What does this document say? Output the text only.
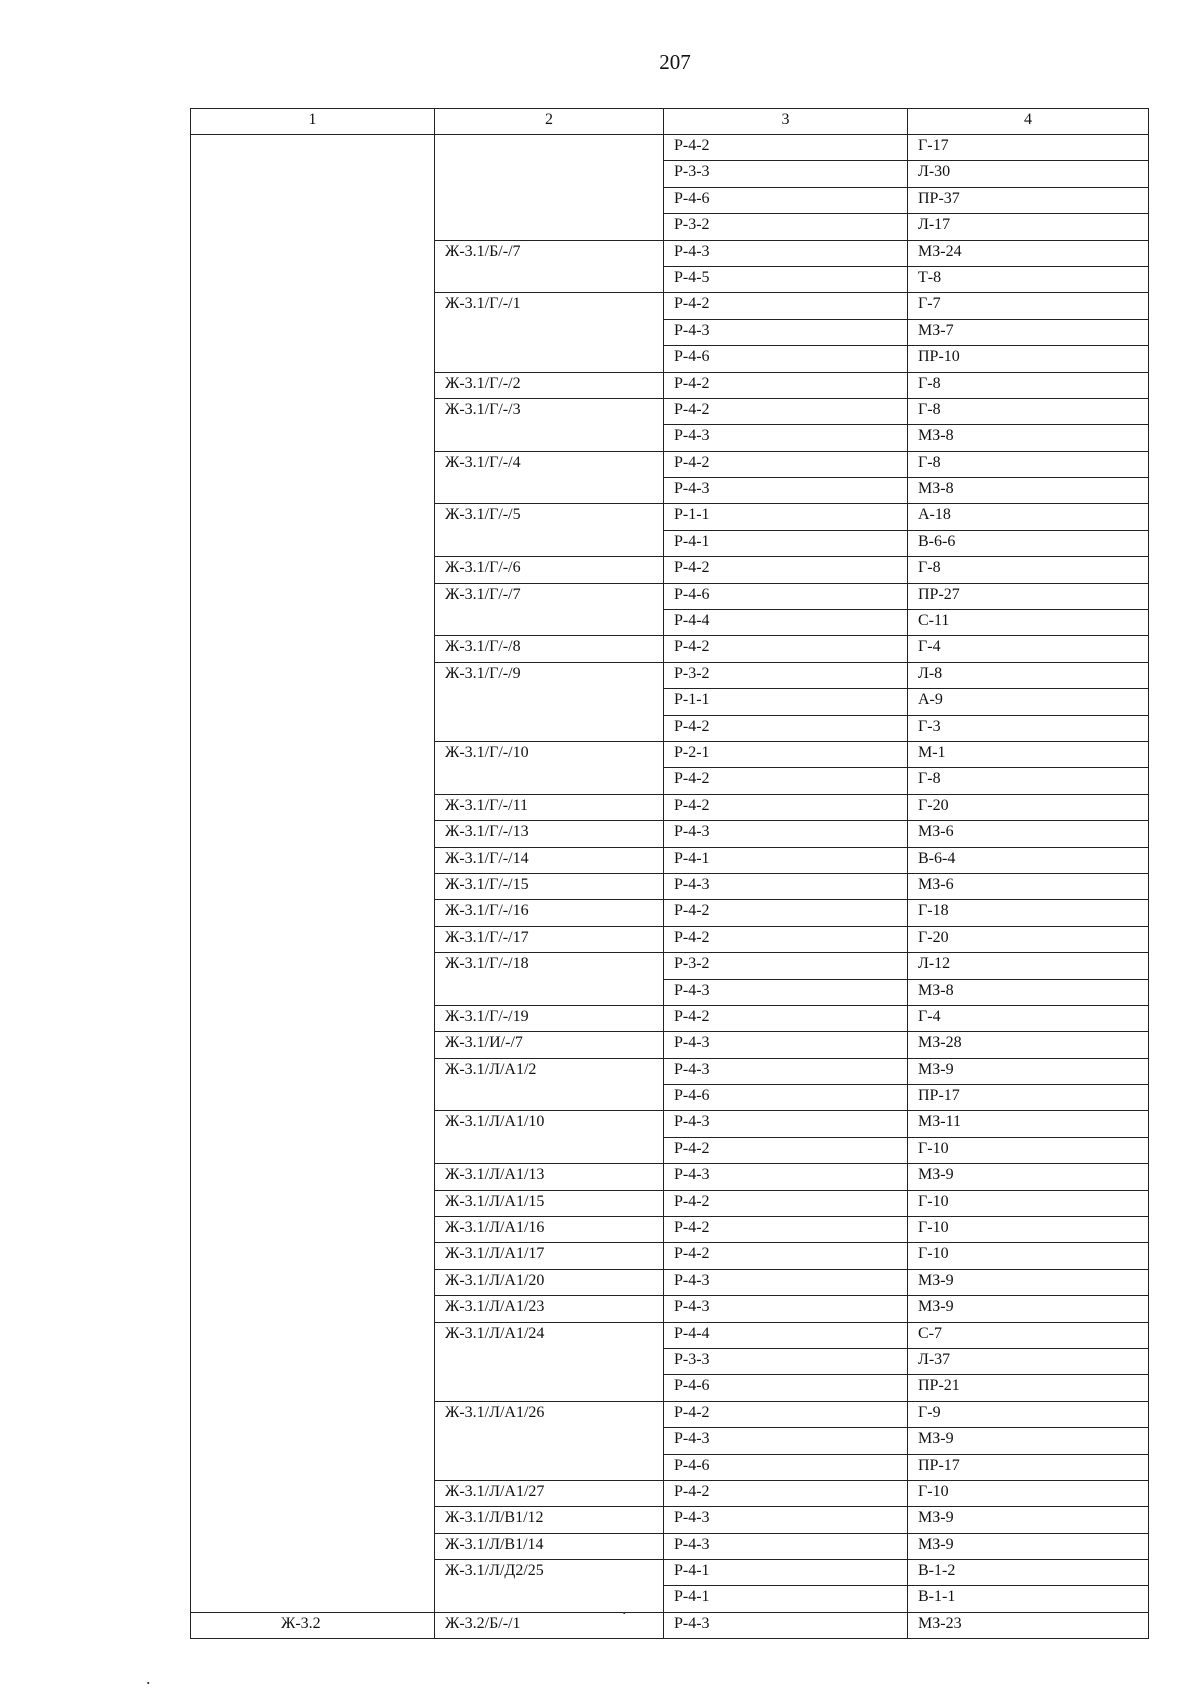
207
1	2	3	4
		Р-4-2	Г-17
		Р-3-3	Л-30
		Р-4-6	ПР-37
		Р-3-2	Л-17
	Ж-3.1/Б/-/7	Р-4-3	МЗ-24
		Р-4-5	Т-8
	Ж-3.1/Г/-/1	Р-4-2	Г-7
		Р-4-3	МЗ-7
		Р-4-6	ПР-10
	Ж-3.1/Г/-/2	Р-4-2	Г-8
	Ж-3.1/Г/-/3	Р-4-2	Г-8
		Р-4-3	МЗ-8
	Ж-3.1/Г/-/4	Р-4-2	Г-8
		Р-4-3	МЗ-8
	Ж-3.1/Г/-/5	Р-1-1	А-18
		Р-4-1	В-6-6
	Ж-3.1/Г/-/6	Р-4-2	Г-8
	Ж-3.1/Г/-/7	Р-4-6	ПР-27
		Р-4-4	С-11
	Ж-3.1/Г/-/8	Р-4-2	Г-4
	Ж-3.1/Г/-/9	Р-3-2	Л-8
		Р-1-1	А-9
		Р-4-2	Г-3
	Ж-3.1/Г/-/10	Р-2-1	М-1
		Р-4-2	Г-8
	Ж-3.1/Г/-/11	Р-4-2	Г-20
	Ж-3.1/Г/-/13	Р-4-3	МЗ-6
	Ж-3.1/Г/-/14	Р-4-1	В-6-4
	Ж-3.1/Г/-/15	Р-4-3	МЗ-6
	Ж-3.1/Г/-/16	Р-4-2	Г-18
	Ж-3.1/Г/-/17	Р-4-2	Г-20
	Ж-3.1/Г/-/18	Р-3-2	Л-12
		Р-4-3	МЗ-8
	Ж-3.1/Г/-/19	Р-4-2	Г-4
	Ж-3.1/И/-/7	Р-4-3	МЗ-28
	Ж-3.1/Л/А1/2	Р-4-3	МЗ-9
		Р-4-6	ПР-17
	Ж-3.1/Л/А1/10	Р-4-3	МЗ-11
		Р-4-2	Г-10
	Ж-3.1/Л/А1/13	Р-4-3	МЗ-9
	Ж-3.1/Л/А1/15	Р-4-2	Г-10
	Ж-3.1/Л/А1/16	Р-4-2	Г-10
	Ж-3.1/Л/А1/17	Р-4-2	Г-10
	Ж-3.1/Л/А1/20	Р-4-3	МЗ-9
	Ж-3.1/Л/А1/23	Р-4-3	МЗ-9
	Ж-3.1/Л/А1/24	Р-4-4	С-7
		Р-3-3	Л-37
		Р-4-6	ПР-21
	Ж-3.1/Л/А1/26	Р-4-2	Г-9
		Р-4-3	МЗ-9
		Р-4-6	ПР-17
	Ж-3.1/Л/А1/27	Р-4-2	Г-10
	Ж-3.1/Л/В1/12	Р-4-3	МЗ-9
	Ж-3.1/Л/В1/14	Р-4-3	МЗ-9
	Ж-3.1/Л/Д2/25	Р-4-1	В-1-2
		Р-4-1	В-1-1
Ж-3.2	Ж-3.2/Б/-/1	Р-4-3	МЗ-23
.
.
